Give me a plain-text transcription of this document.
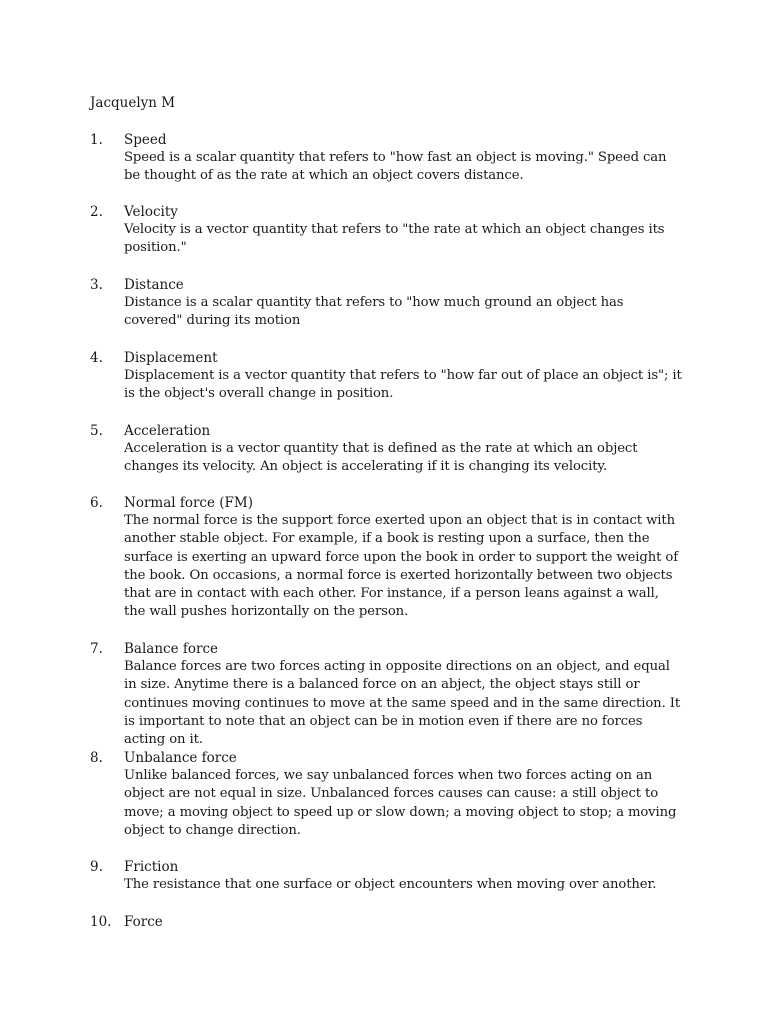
Jacquelyn M
1. Speed
Speed is a scalar quantity that refers to "how fast an object is moving." Speed can be thought of as the rate at which an object covers distance.
2. Velocity
Velocity is a vector quantity that refers to "the rate at which an object changes its position."
3. Distance
Distance is a scalar quantity that refers to "how much ground an object has covered" during its motion
4. Displacement
Displacement is a vector quantity that refers to "how far out of place an object is"; it is the object's overall change in position.
5. Acceleration
Acceleration is a vector quantity that is defined as the rate at which an object changes its velocity. An object is accelerating if it is changing its velocity.
6. Normal force (FM)
The normal force is the support force exerted upon an object that is in contact with another stable object. For example, if a book is resting upon a surface, then the surface is exerting an upward force upon the book in order to support the weight of the book. On occasions, a normal force is exerted horizontally between two objects that are in contact with each other. For instance, if a person leans against a wall, the wall pushes horizontally on the person.
7. Balance force
Balance forces are two forces acting in opposite directions on an object, and equal in size. Anytime there is a balanced force on an abject, the object stays still or continues moving continues to move at the same speed and in the same direction. It is important to note that an object can be in motion even if there are no forces acting on it.
8. Unbalance force
Unlike balanced forces, we say unbalanced forces when two forces acting on an object are not equal in size. Unbalanced forces causes can cause: a still object to move; a moving object to speed up or slow down; a moving object to stop; a moving object to change direction.
9. Friction
The resistance that one surface or object encounters when moving over another.
10. Force
